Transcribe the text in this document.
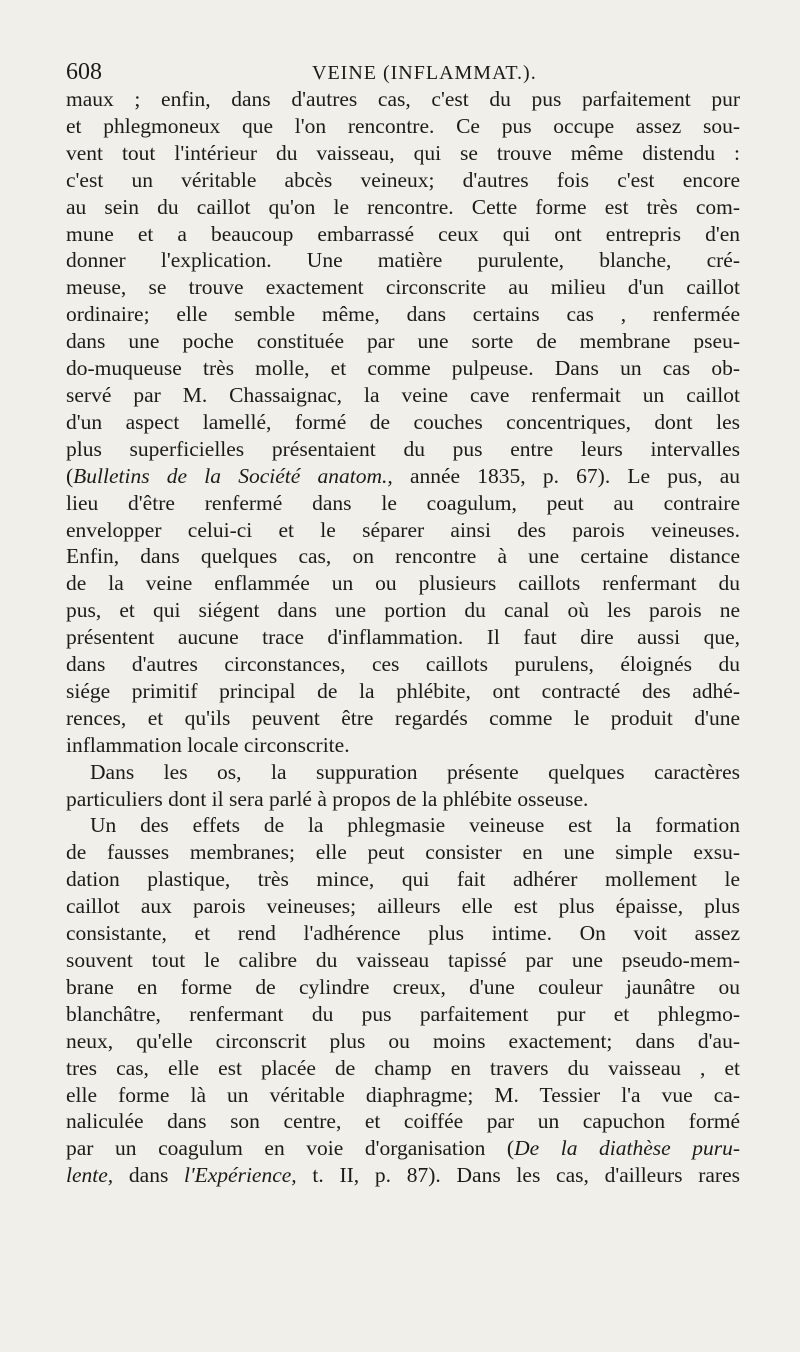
608	VEINE (INFLAMMAT.).
maux ; enfin, dans d'autres cas, c'est du pus parfaitement pur
et phlegmoneux que l'on rencontre. Ce pus occupe assez sou-
vent tout l'intérieur du vaisseau, qui se trouve même distendu :
c'est un véritable abcès veineux; d'autres fois c'est encore
au sein du caillot qu'on le rencontre. Cette forme est très com-
mune et a beaucoup embarrassé ceux qui ont entrepris d'en
donner l'explication. Une matière purulente, blanche, cré-
meuse, se trouve exactement circonscrite au milieu d'un caillot
ordinaire; elle semble même, dans certains cas , renfermée
dans une poche constituée par une sorte de membrane pseu-
do-muqueuse très molle, et comme pulpeuse. Dans un cas ob-
servé par M. Chassaignac, la veine cave renfermait un caillot
d'un aspect lamellé, formé de couches concentriques, dont les
plus superficielles présentaient du pus entre leurs intervalles
(Bulletins de la Société anatom., année 1835, p. 67). Le pus, au
lieu d'être renfermé dans le coagulum, peut au contraire
envelopper celui-ci et le séparer ainsi des parois veineuses.
Enfin, dans quelques cas, on rencontre à une certaine distance
de la veine enflammée un ou plusieurs caillots renfermant du
pus, et qui siégent dans une portion du canal où les parois ne
présentent aucune trace d'inflammation. Il faut dire aussi que,
dans d'autres circonstances, ces caillots purulens, éloignés du
siége primitif principal de la phlébite, ont contracté des adhé-
rences, et qu'ils peuvent être regardés comme le produit d'une
inflammation locale circonscrite.
Dans les os, la suppuration présente quelques caractères
particuliers dont il sera parlé à propos de la phlébite osseuse.
Un des effets de la phlegmasie veineuse est la formation
de fausses membranes; elle peut consister en une simple exsu-
dation plastique, très mince, qui fait adhérer mollement le
caillot aux parois veineuses; ailleurs elle est plus épaisse, plus
consistante, et rend l'adhérence plus intime. On voit assez
souvent tout le calibre du vaisseau tapissé par une pseudo-mem-
brane en forme de cylindre creux, d'une couleur jaunâtre ou
blanchâtre, renfermant du pus parfaitement pur et phlegmo-
neux, qu'elle circonscrit plus ou moins exactement; dans d'au-
tres cas, elle est placée de champ en travers du vaisseau , et
elle forme là un véritable diaphragme; M. Tessier l'a vue ca-
naliculée dans son centre, et coiffée par un capuchon formé
par un coagulum en voie d'organisation (De la diathèse puru-
lente, dans l'Expérience, t. II, p. 87). Dans les cas, d'ailleurs rares
